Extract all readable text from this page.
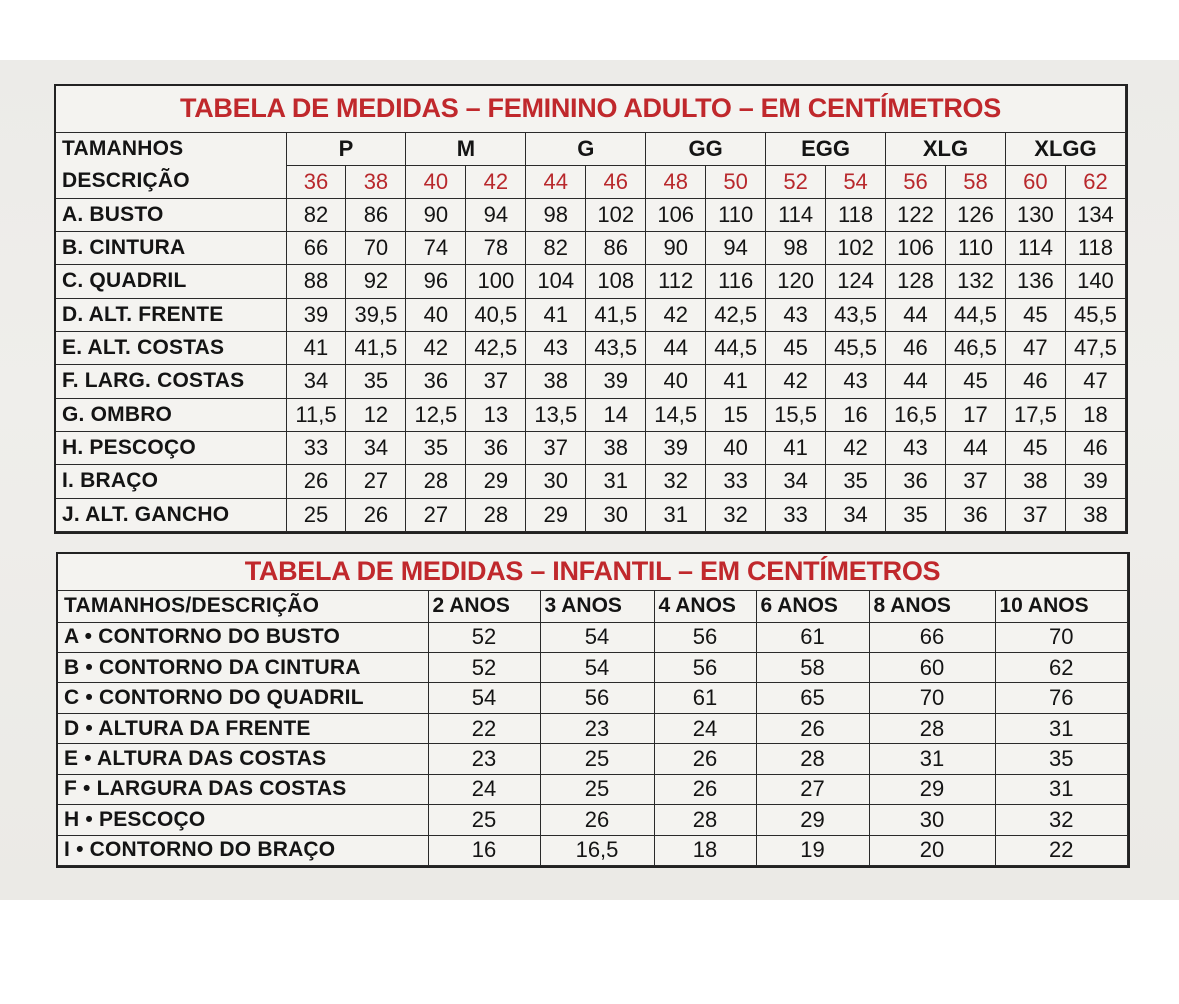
TABELA DE MEDIDAS – FEMININO ADULTO – EM CENTÍMETROS														
TAMANHOS	P		M		G		GG		EGG		XLG		XLGG	
DESCRIÇÃO	36	38	40	42	44	46	48	50	52	54	56	58	60	62
A. BUSTO	82	86	90	94	98	102	106	110	114	118	122	126	130	134
B. CINTURA	66	70	74	78	82	86	90	94	98	102	106	110	114	118
C. QUADRIL	88	92	96	100	104	108	112	116	120	124	128	132	136	140
D. ALT. FRENTE	39	39,5	40	40,5	41	41,5	42	42,5	43	43,5	44	44,5	45	45,5
E. ALT. COSTAS	41	41,5	42	42,5	43	43,5	44	44,5	45	45,5	46	46,5	47	47,5
F. LARG. COSTAS	34	35	36	37	38	39	40	41	42	43	44	45	46	47
G. OMBRO	11,5	12	12,5	13	13,5	14	14,5	15	15,5	16	16,5	17	17,5	18
H. PESCOÇO	33	34	35	36	37	38	39	40	41	42	43	44	45	46
I. BRAÇO	26	27	28	29	30	31	32	33	34	35	36	37	38	39
J. ALT. GANCHO	25	26	27	28	29	30	31	32	33	34	35	36	37	38
TABELA DE MEDIDAS – INFANTIL – EM CENTÍMETROS						
TAMANHOS/DESCRIÇÃO	2 ANOS	3 ANOS	4 ANOS	6 ANOS	8 ANOS	10 ANOS
A • CONTORNO DO BUSTO	52	54	56	61	66	70
B • CONTORNO DA CINTURA	52	54	56	58	60	62
C • CONTORNO DO QUADRIL	54	56	61	65	70	76
D • ALTURA DA FRENTE	22	23	24	26	28	31
E • ALTURA DAS COSTAS	23	25	26	28	31	35
F • LARGURA DAS COSTAS	24	25	26	27	29	31
H • PESCOÇO	25	26	28	29	30	32
I • CONTORNO DO BRAÇO	16	16,5	18	19	20	22
